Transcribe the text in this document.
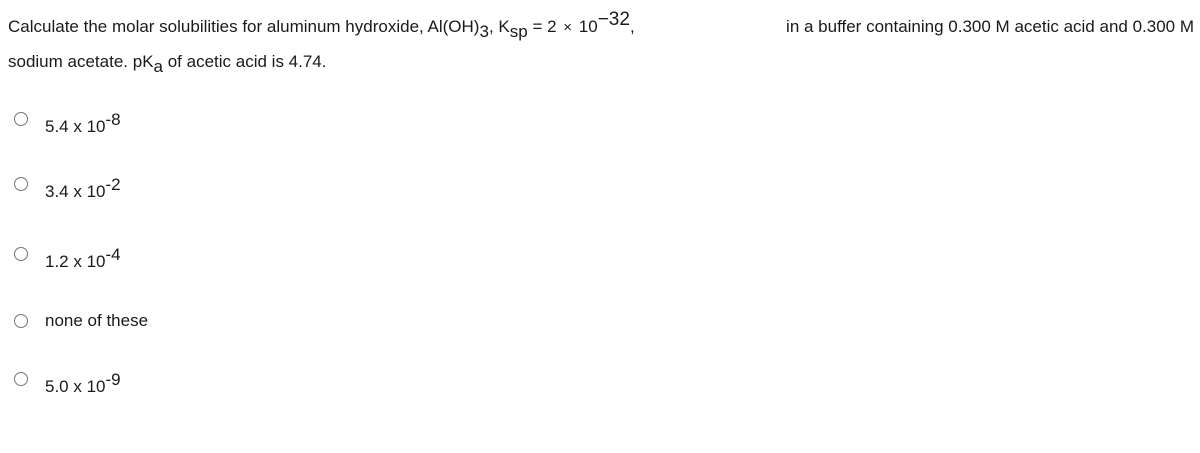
Calculate the molar solubilities for aluminum hydroxide, Al(OH)3, Ksp = 2 × 10−32,	in a buffer containing 0.300 M acetic acid and 0.300 M
sodium acetate. pKa of acetic acid is 4.74.
5.4 x 10-8
3.4 x 10-2
1.2 x 10-4
none of these
5.0 x 10-9
